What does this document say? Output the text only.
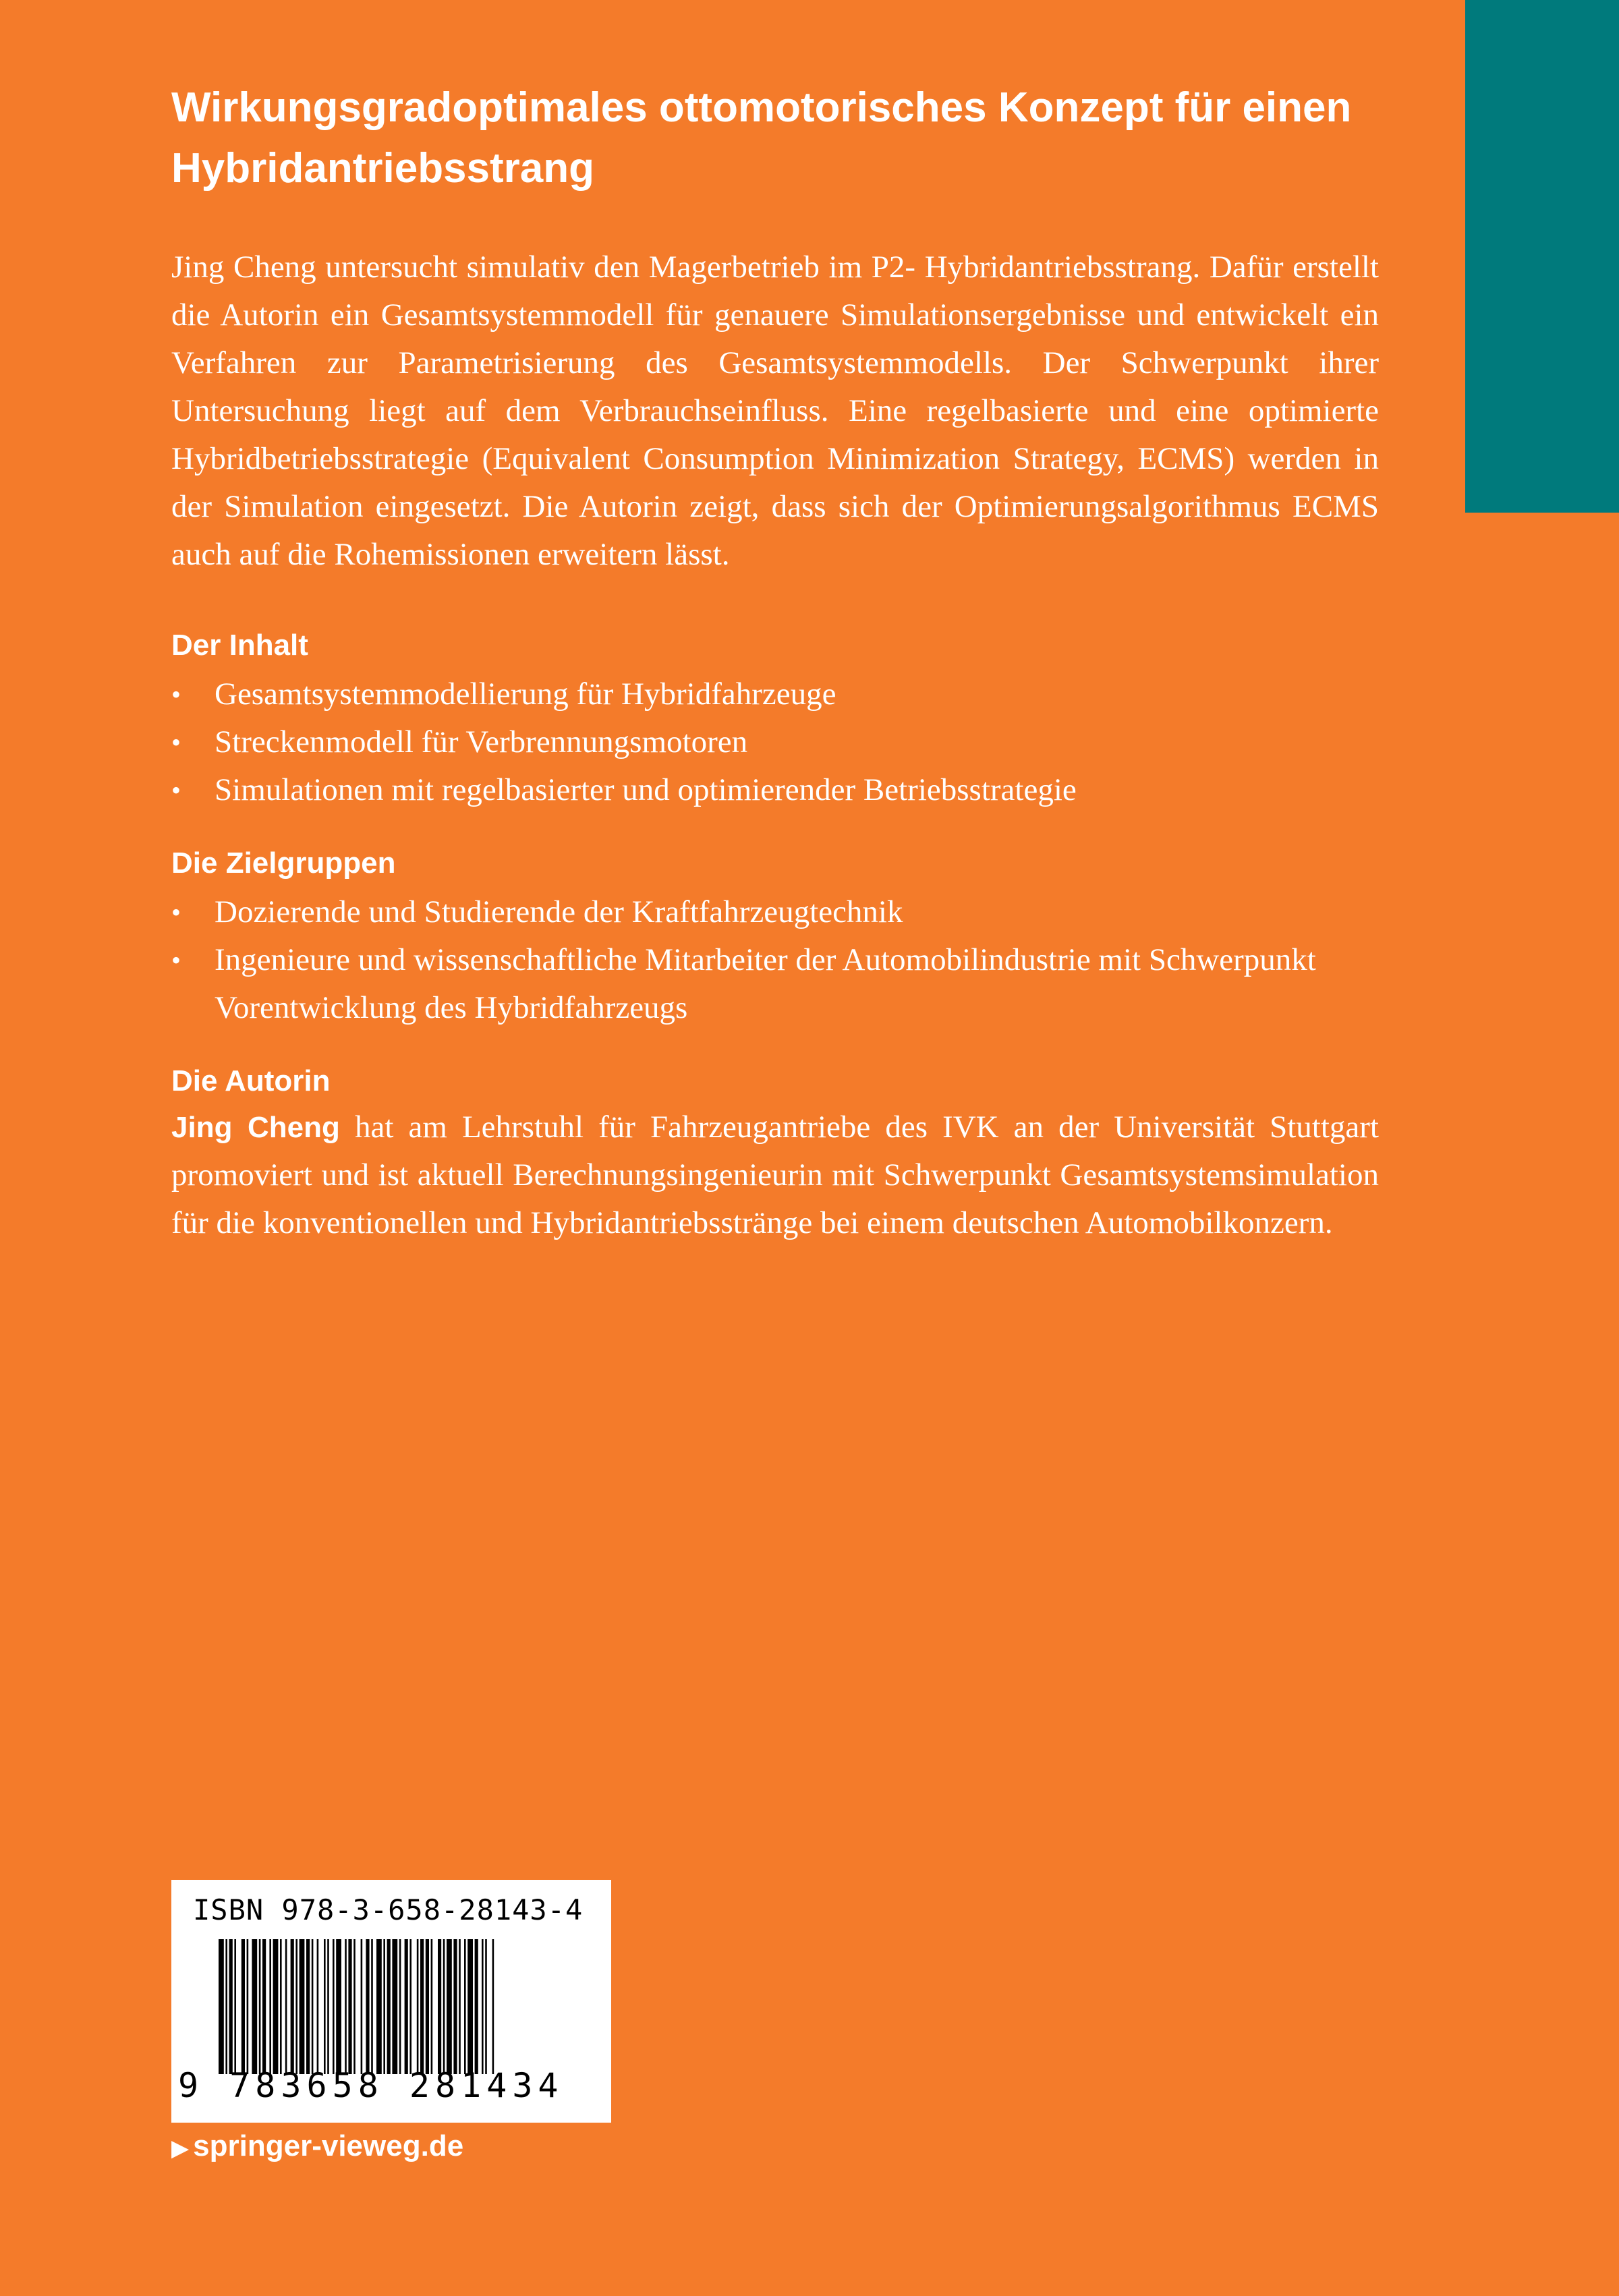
Wirkungsgradoptimales ottomotorisches Konzept für einen Hybridantriebsstrang

Jing Cheng untersucht simulativ den Magerbetrieb im P2- Hybridantriebsstrang. Dafür erstellt die Autorin ein Gesamtsystemmodell für genauere Simulationsergebnisse und entwickelt ein Verfahren zur Parametrisierung des Gesamtsystemmodells. Der Schwerpunkt ihrer Untersuchung liegt auf dem Verbrauchseinfluss. Eine regelbasierte und eine optimierte Hybridbetriebsstrategie (Equivalent Consumption Minimization Strategy, ECMS) werden in der Simulation eingesetzt. Die Autorin zeigt, dass sich der Optimierungsalgorithmus ECMS auch auf die Rohemissionen erweitern lässt.

Der Inhalt
•	Gesamtsystemmodellierung für Hybridfahrzeuge
•	Streckenmodell für Verbrennungsmotoren
•	Simulationen mit regelbasierter und optimierender Betriebsstrategie
Die Zielgruppen
•	Dozierende und Studierende der Kraftfahrzeugtechnik
•	Ingenieure und wissenschaftliche Mitarbeiter der Automobilindustrie mit Schwerpunkt Vorentwicklung des Hybridfahrzeugs
Die Autorin

Jing Cheng hat am Lehrstuhl für Fahrzeugantriebe des IVK an der Universität Stuttgart promoviert und ist aktuell Berechnungsingenieurin mit Schwerpunkt Gesamtsystemsimulation für die konventionellen und Hybridantriebsstränge bei einem deutschen Automobilkonzern.

ISBN 978-3-658-28143-4
9 783658 281434
▶ springer-vieweg.de
